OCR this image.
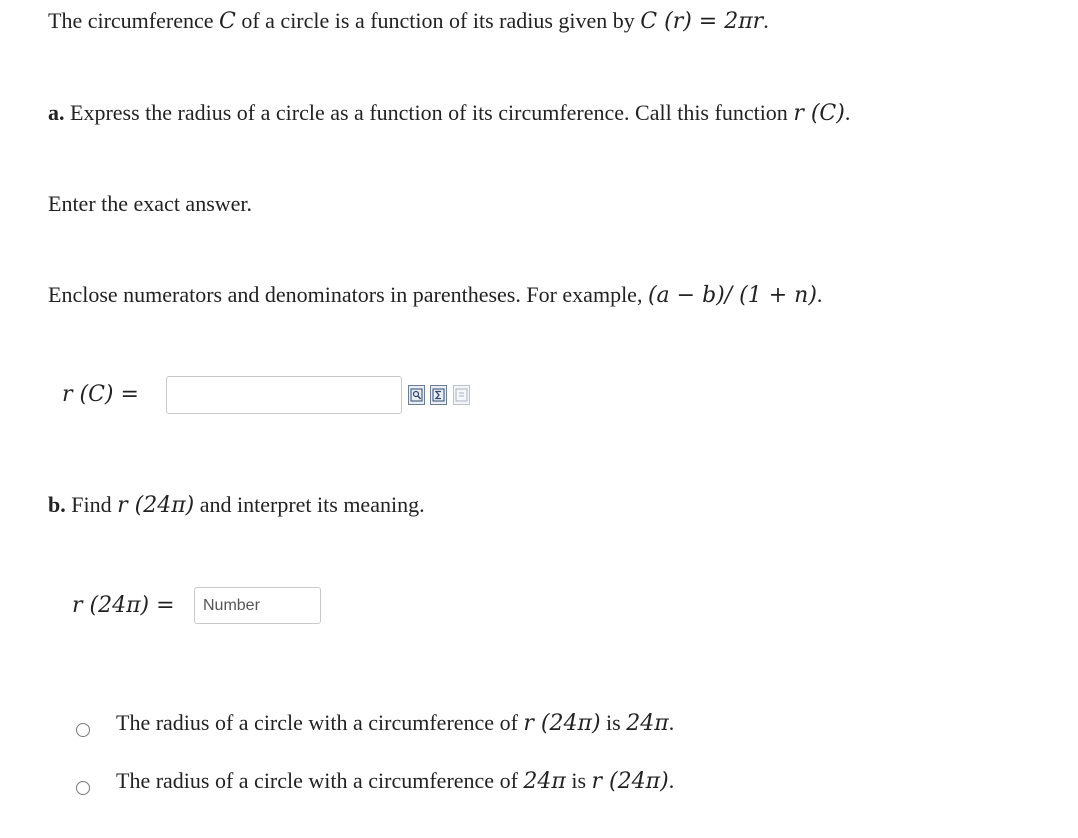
The circumference C of a circle is a function of its radius given by C (r) = 2πr.
a. Express the radius of a circle as a function of its circumference. Call this function r (C).
Enter the exact answer.
Enclose numerators and denominators in parentheses. For example, (a − b)/ (1 + n).
r (C) =
b. Find r (24π) and interpret its meaning.
r (24π) =
Number
The radius of a circle with a circumference of r (24π) is 24π.
The radius of a circle with a circumference of 24π is r (24π).
